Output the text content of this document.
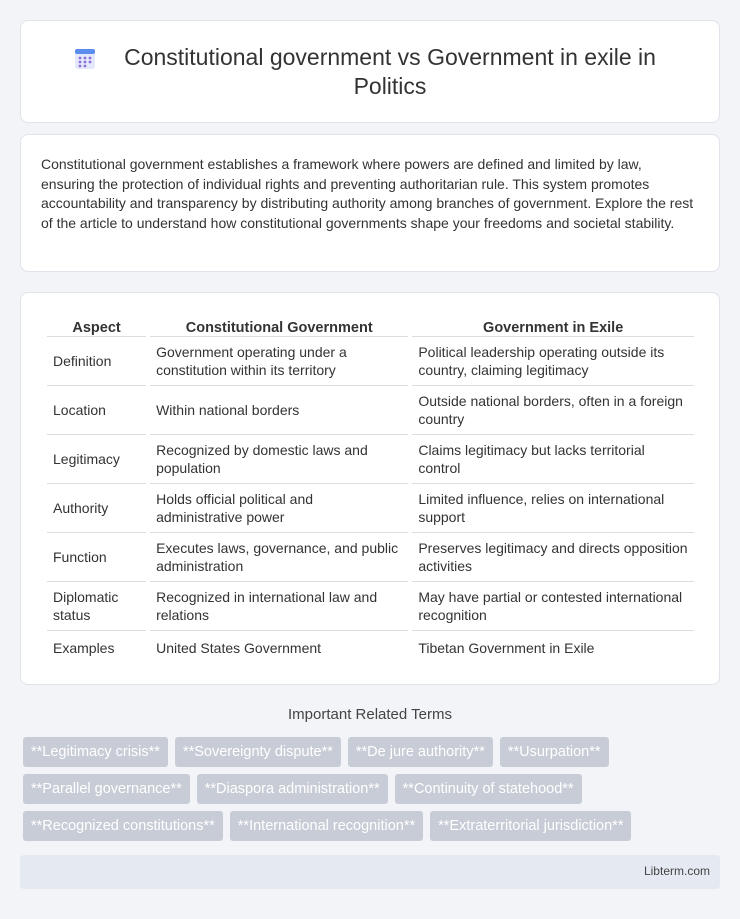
Constitutional government vs Government in exile in Politics

Constitutional government establishes a framework where powers are defined and limited by law, ensuring the protection of individual rights and preventing authoritarian rule. This system promotes accountability and transparency by distributing authority among branches of government. Explore the rest of the article to understand how constitutional governments shape your freedoms and societal stability.

Aspect	Constitutional Government	Government in Exile
Definition	Government operating under a constitution within its territory	Political leadership operating outside its country, claiming legitimacy
Location	Within national borders	Outside national borders, often in a foreign country
Legitimacy	Recognized by domestic laws and population	Claims legitimacy but lacks territorial control
Authority	Holds official political and administrative power	Limited influence, relies on international support
Function	Executes laws, governance, and public administration	Preserves legitimacy and directs opposition activities
Diplomatic status	Recognized in international law and relations	May have partial or contested international recognition
Examples	United States Government	Tibetan Government in Exile
Important Related Terms
**Legitimacy crisis**	**Sovereignty dispute**	**De jure authority**	**Usurpation**
**Parallel governance**	**Diaspora administration**	**Continuity of statehood**
**Recognized constitutions**	**International recognition**	**Extraterritorial jurisdiction**
Libterm.com
